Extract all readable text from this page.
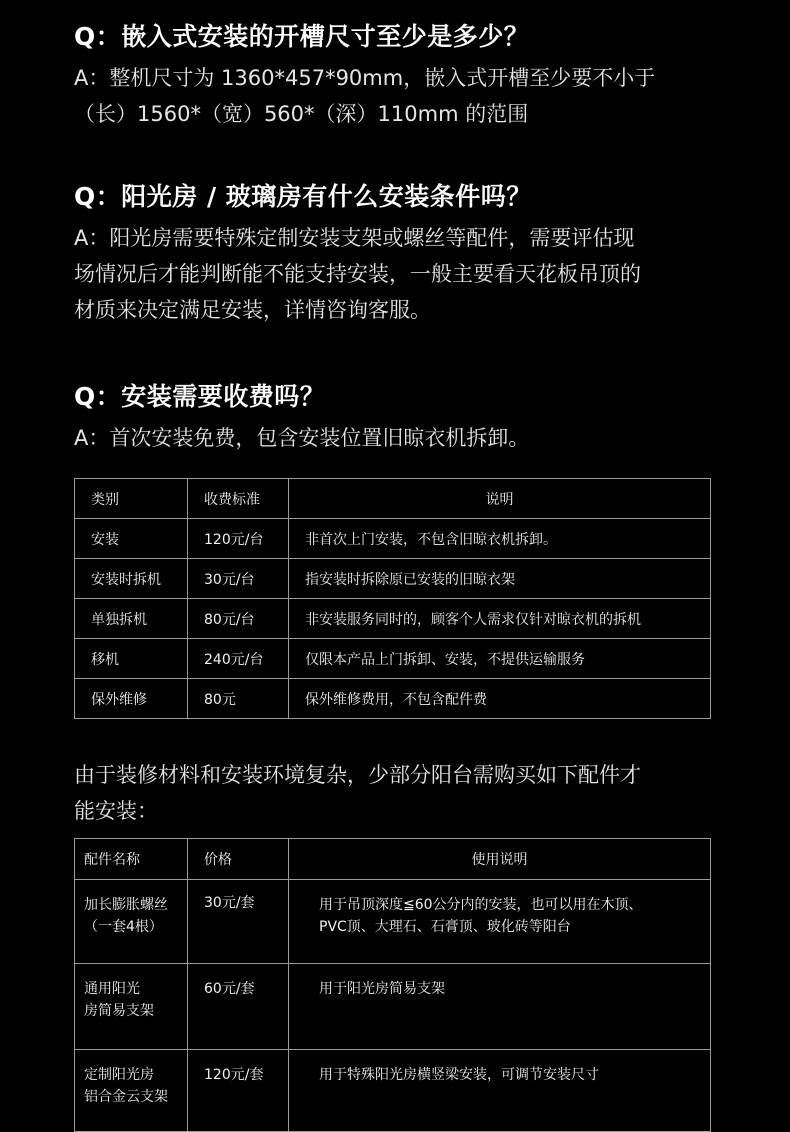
Q：嵌入式安装的开槽尺寸至少是多少？
A：整机尺寸为 1360*457*90mm，嵌入式开槽至少要不小于
（长）1560*（宽）560*（深）110mm 的范围
Q：阳光房 / 玻璃房有什么安装条件吗？
A：阳光房需要特殊定制安装支架或螺丝等配件，需要评估现
场情况后才能判断能不能支持安装，一般主要看天花板吊顶的
材质来决定满足安装，详情咨询客服。
Q：安装需要收费吗？
A：首次安装免费，包含安装位置旧晾衣机拆卸。
类别	收费标准	说明
安装	120元/台	非首次上门安装，不包含旧晾衣机拆卸。
安装时拆机	30元/台	指安装时拆除原已安装的旧晾衣架
单独拆机	80元/台	非安装服务同时的，顾客个人需求仅针对晾衣机的拆机
移机	240元/台	仅限本产品上门拆卸、安装，不提供运输服务
保外维修	80元	保外维修费用，不包含配件费
由于装修材料和安装环境复杂，少部分阳台需购买如下配件才
能安装：
配件名称	价格	使用说明

加长膨胀螺丝
（一套4根）	30元/套	用于吊顶深度≦60公分内的安装，也可以用在木顶、
PVC顶、大理石、石膏顶、玻化砖等阳台

通用阳光
房简易支架	60元/套	用于阳光房简易支架

定制阳光房
铝合金云支架	120元/套	用于特殊阳光房横竖梁安装，可调节安装尺寸
